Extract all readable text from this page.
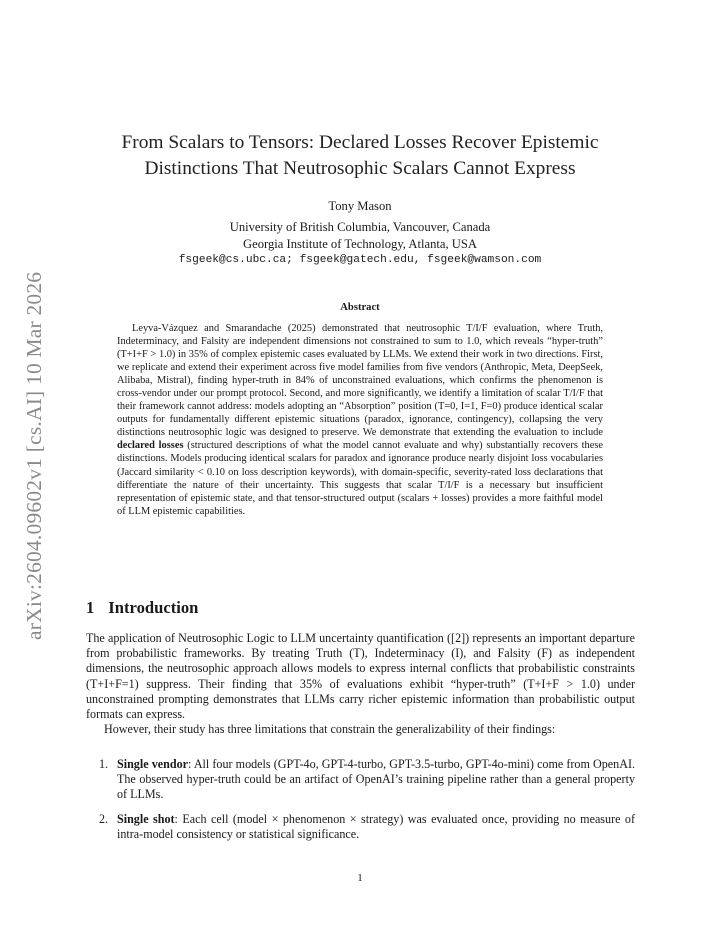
arXiv:2604.09602v1 [cs.AI] 10 Mar 2026
From Scalars to Tensors: Declared Losses Recover Epistemic Distinctions That Neutrosophic Scalars Cannot Express
Tony Mason
University of British Columbia, Vancouver, Canada
Georgia Institute of Technology, Atlanta, USA
fsgeek@cs.ubc.ca; fsgeek@gatech.edu, fsgeek@wamson.com
Abstract
Leyva-Vázquez and Smarandache (2025) demonstrated that neutrosophic T/I/F evaluation, where Truth, Indeterminacy, and Falsity are independent dimensions not constrained to sum to 1.0, which reveals “hyper-truth” (T+I+F > 1.0) in 35% of complex epistemic cases evaluated by LLMs. We extend their work in two directions. First, we replicate and extend their experiment across five model families from five vendors (Anthropic, Meta, DeepSeek, Alibaba, Mistral), finding hyper-truth in 84% of unconstrained evaluations, which confirms the phenomenon is cross-vendor under our prompt protocol. Second, and more significantly, we identify a limitation of scalar T/I/F that their framework cannot address: models adopting an “Absorption” position (T=0, I=1, F=0) produce identical scalar outputs for fundamentally different epistemic situations (paradox, ignorance, contingency), collapsing the very distinctions neutrosophic logic was designed to preserve. We demonstrate that extending the evaluation to include declared losses (structured descriptions of what the model cannot evaluate and why) substantially recovers these distinctions. Models producing identical scalars for paradox and ignorance produce nearly disjoint loss vocabularies (Jaccard similarity < 0.10 on loss description keywords), with domain-specific, severity-rated loss declarations that differentiate the nature of their uncertainty. This suggests that scalar T/I/F is a necessary but insufficient representation of epistemic state, and that tensor-structured output (scalars + losses) provides a more faithful model of LLM epistemic capabilities.
1 Introduction

The application of Neutrosophic Logic to LLM uncertainty quantification ([2]) represents an important departure from probabilistic frameworks. By treating Truth (T), Indeterminacy (I), and Falsity (F) as independent dimensions, the neutrosophic approach allows models to express internal conflicts that probabilistic constraints (T+I+F=1) suppress. Their finding that 35% of evaluations exhibit “hyper-truth” (T+I+F > 1.0) under unconstrained prompting demonstrates that LLMs carry richer epistemic information than probabilistic output formats can express.

However, their study has three limitations that constrain the generalizability of their findings:

1. Single vendor: All four models (GPT-4o, GPT-4-turbo, GPT-3.5-turbo, GPT-4o-mini) come from OpenAI. The observed hyper-truth could be an artifact of OpenAI’s training pipeline rather than a general property of LLMs.
2. Single shot: Each cell (model × phenomenon × strategy) was evaluated once, providing no measure of intra-model consistency or statistical significance.
1
